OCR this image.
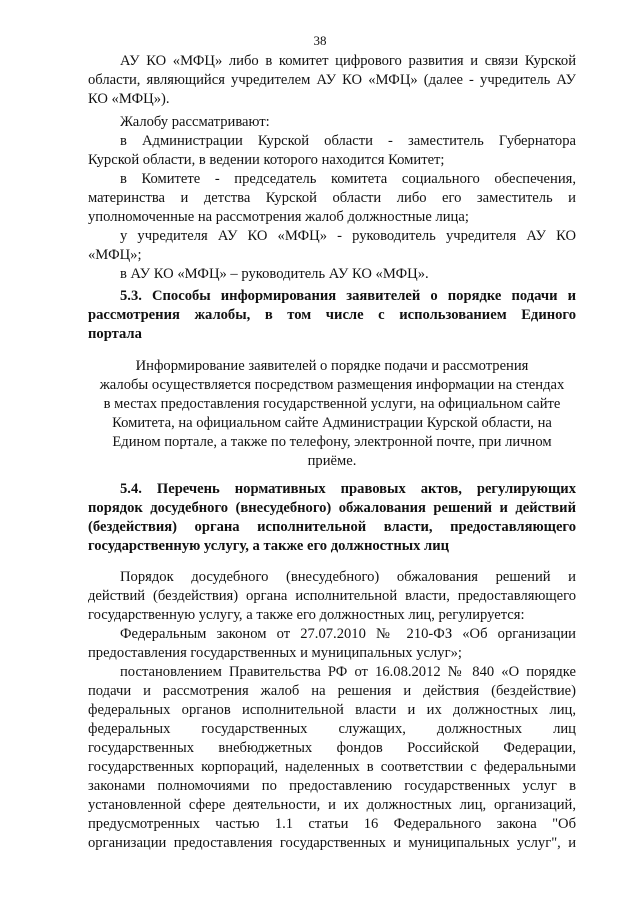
38
АУ КО «МФЦ» либо в комитет цифрового развития и связи Курской
области, являющийся учредителем АУ КО «МФЦ» (далее - учредитель АУ
КО «МФЦ»).
Жалобу рассматривают:
в Администрации Курской области - заместитель Губернатора
Курской области, в ведении которого находится Комитет;
в Комитете - председатель комитета социального обеспечения,
материнства и детства Курской области либо его заместитель и
уполномоченные на рассмотрения жалоб должностные лица;
у учредителя АУ КО «МФЦ» - руководитель учредителя АУ КО
«МФЦ»;
в АУ КО «МФЦ» – руководитель АУ КО «МФЦ».
5.3. Способы информирования заявителей о порядке подачи и
рассмотрения жалобы, в том числе с использованием Единого
портала
Информирование заявителей о порядке подачи и рассмотрения
жалобы осуществляется посредством размещения информации на стендах
в местах предоставления государственной услуги, на официальном сайте
Комитета, на официальном сайте Администрации Курской области, на
Едином портале, а также по телефону, электронной почте, при личном
приёме.
5.4. Перечень нормативных правовых актов, регулирующих
порядок досудебного (внесудебного) обжалования решений и действий
(бездействия) органа исполнительной власти, предоставляющего
государственную услугу, а также его должностных лиц
Порядок досудебного (внесудебного) обжалования решений и
действий (бездействия) органа исполнительной власти, предоставляющего
государственную услугу, а также его должностных лиц, регулируется:
Федеральным законом от 27.07.2010 № 210-ФЗ «Об организации
предоставления государственных и муниципальных услуг»;
постановлением Правительства РФ от 16.08.2012 № 840 «О порядке
подачи и рассмотрения жалоб на решения и действия (бездействие)
федеральных органов исполнительной власти и их должностных лиц,
федеральных государственных служащих, должностных лиц
государственных внебюджетных фондов Российской Федерации,
государственных корпораций, наделенных в соответствии с федеральными
законами полномочиями по предоставлению государственных услуг в
установленной сфере деятельности, и их должностных лиц, организаций,
предусмотренных частью 1.1 статьи 16 Федерального закона "Об
организации предоставления государственных и муниципальных услуг", и
